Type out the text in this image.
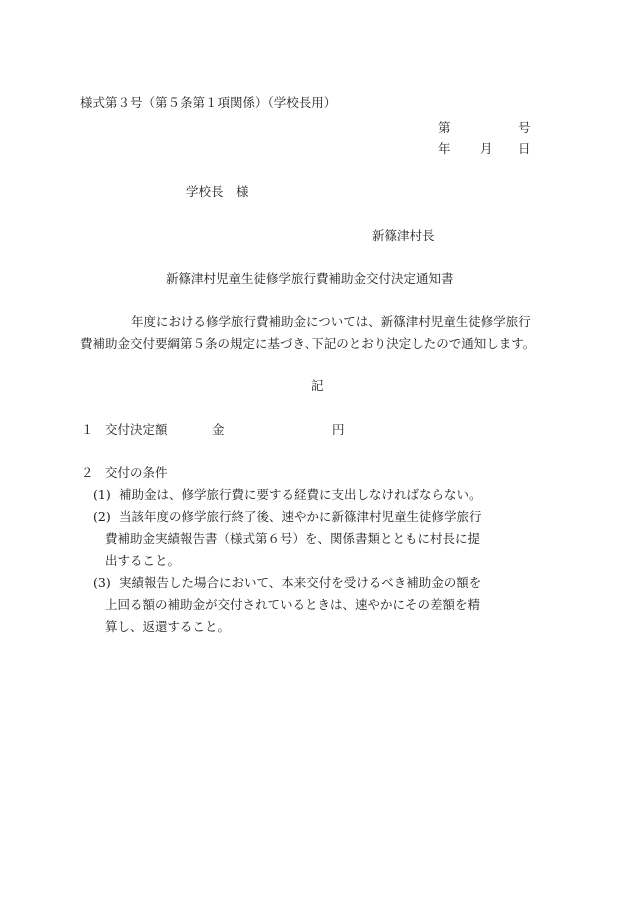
様式第３号（第５条第１項関係）（学校長用）
第	号
年 月 日
学校長　様
新篠津村長
新篠津村児童生徒修学旅行費補助金交付決定通知書
年度における修学旅行費補助金については、新篠津村児童生徒修学旅行
費補助金交付要綱第５条の規定に基づき､下記のとおり決定したので通知します。
記
１ 交付決定額	金	円
２ 交付の条件
(1) 補助金は、修学旅行費に要する経費に支出しなければならない。
(2) 当該年度の修学旅行終了後、速やかに新篠津村児童生徒修学旅行
費補助金実績報告書（様式第６号）を、関係書類とともに村長に提
出すること。
(3) 実績報告した場合において、本来交付を受けるべき補助金の額を
上回る額の補助金が交付されているときは、速やかにその差額を精
算し、返還すること。
